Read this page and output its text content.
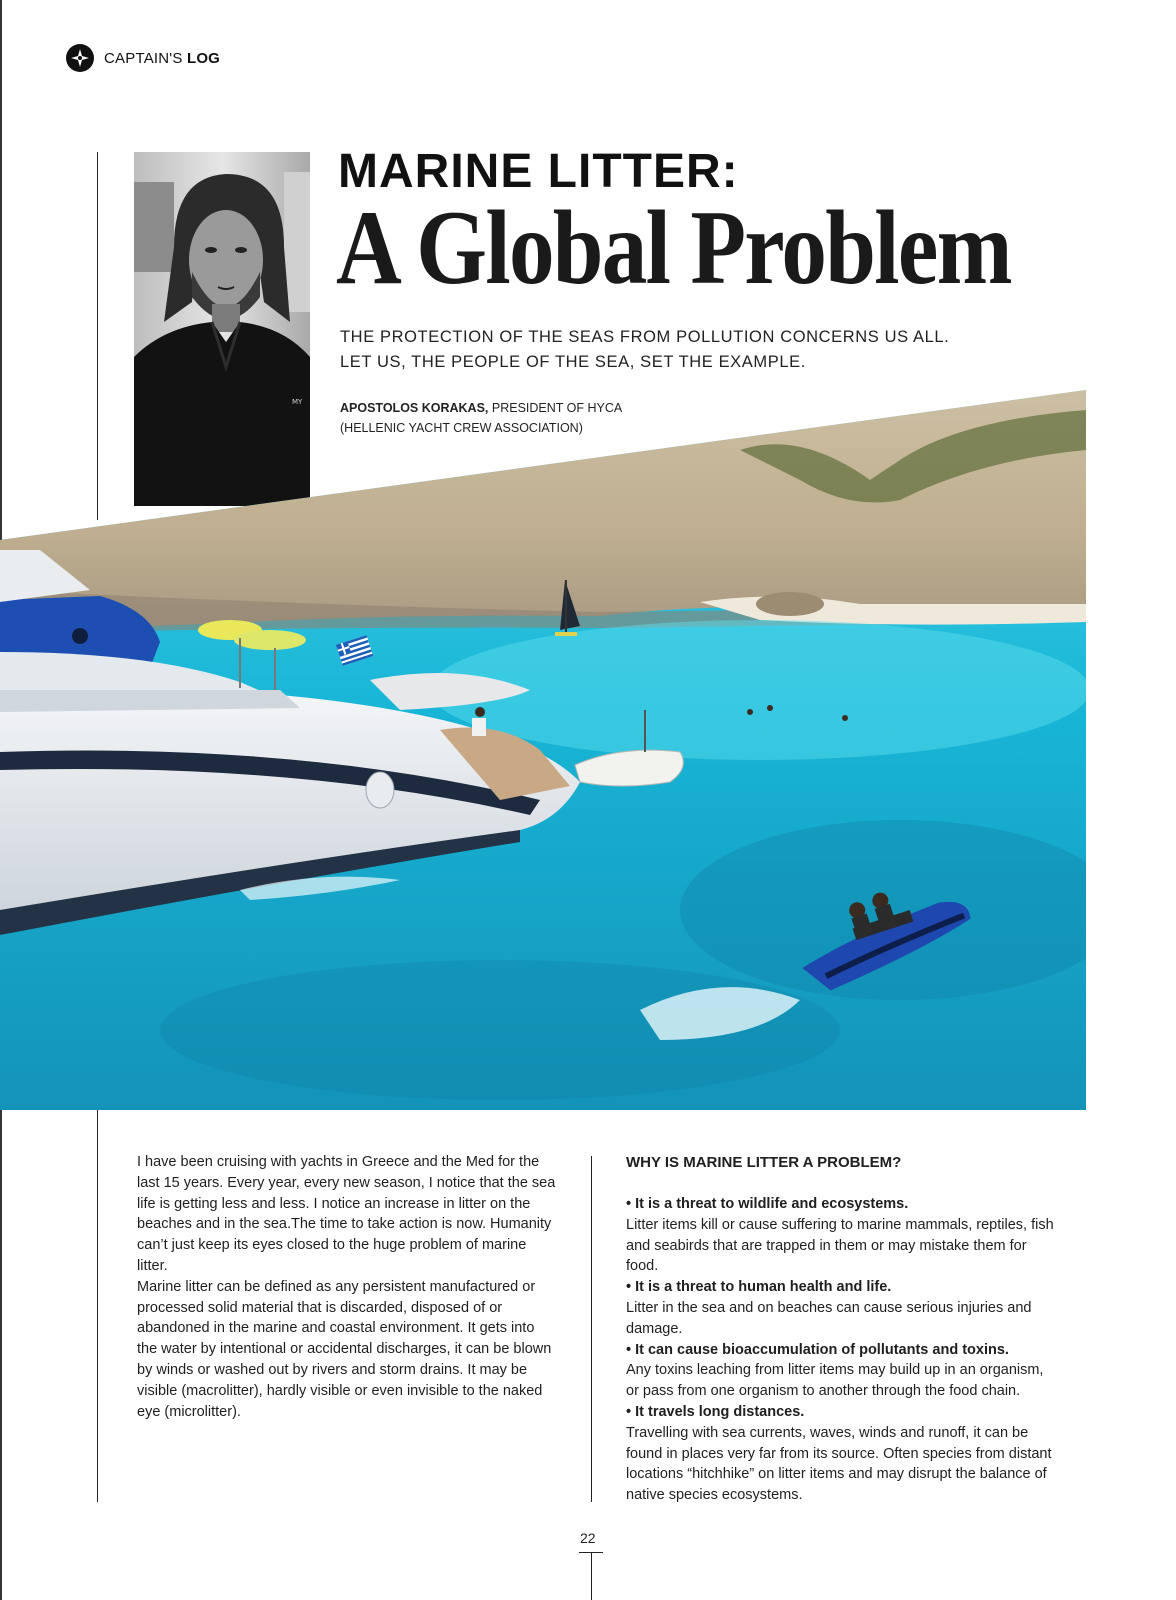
CAPTAIN'S LOG
MY
MARINE LITTER:
A Global Problem
THE PROTECTION OF THE SEAS FROM POLLUTION CONCERNS US ALL.
LET US, THE PEOPLE OF THE SEA, SET THE EXAMPLE.
APOSTOLOS KORAKAS, PRESIDENT OF HYCA
(HELLENIC YACHT CREW ASSOCIATION)

I have been cruising with yachts in Greece and the Med for the last 15 years. Every year, every new season, I notice that the sea life is getting less and less. I notice an increase in litter on the beaches and in the sea.The time to take action is now. Humanity can’t just keep its eyes closed to the huge problem of marine litter.

Marine litter can be defined as any persistent manufactured or processed solid material that is discarded, disposed of or abandoned in the marine and coastal environment. It gets into the water by intentional or accidental discharges, it can be blown by winds or washed out by rivers and storm drains. It may be visible (macrolitter), hardly visible or even invisible to the naked eye (microlitter).

WHY IS MARINE LITTER A PROBLEM?

• It is a threat to wildlife and ecosystems.

Litter items kill or cause suffering to marine mammals, reptiles, fish and seabirds that are trapped in them or may mistake them for food.

• It is a threat to human health and life.

Litter in the sea and on beaches can cause serious injuries and damage.

• It can cause bioaccumulation of pollutants and toxins.

Any toxins leaching from litter items may build up in an organism, or pass from one organism to another through the food chain.

• It travels long distances.

Travelling with sea currents, waves, winds and runoff, it can be found in places very far from its source. Often species from distant locations “hitchhike” on litter items and may disrupt the balance of native species ecosystems.

22
